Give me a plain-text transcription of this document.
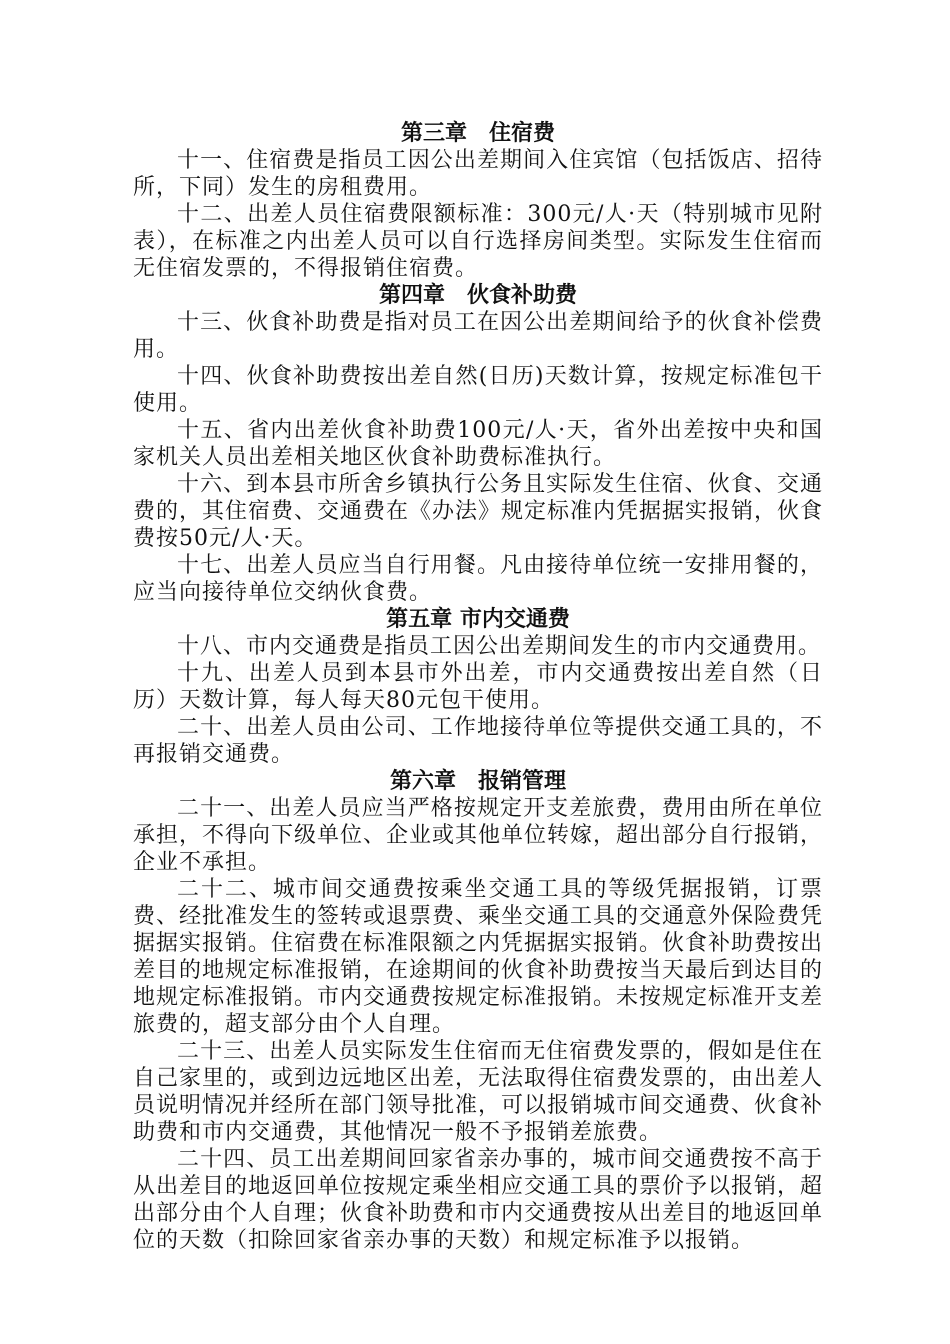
第三章　住宿费
十一、住宿费是指员工因公出差期间入住宾馆（包括饭店、招待所，下同）发生的房租费用。
十二、出差人员住宿费限额标准：300元/人·天（特别城市见附表），在标准之内出差人员可以自行选择房间类型。实际发生住宿而无住宿发票的，不得报销住宿费。
第四章　伙食补助费
十三、伙食补助费是指对员工在因公出差期间给予的伙食补偿费用。
十四、伙食补助费按出差自然(日历)天数计算，按规定标准包干使用。
十五、省内出差伙食补助费100元/人·天，省外出差按中央和国家机关人员出差相关地区伙食补助费标准执行。
十六、到本县市所舍乡镇执行公务且实际发生住宿、伙食、交通费的，其住宿费、交通费在《办法》规定标准内凭据据实报销，伙食费按50元/人·天。
十七、出差人员应当自行用餐。凡由接待单位统一安排用餐的，应当向接待单位交纳伙食费。
第五章 市内交通费
十八、市内交通费是指员工因公出差期间发生的市内交通费用。
十九、出差人员到本县市外出差，市内交通费按出差自然（日历）天数计算，每人每天80元包干使用。
二十、出差人员由公司、工作地接待单位等提供交通工具的，不再报销交通费。
第六章　报销管理
二十一、出差人员应当严格按规定开支差旅费，费用由所在单位承担，不得向下级单位、企业或其他单位转嫁，超出部分自行报销，企业不承担。
二十二、城市间交通费按乘坐交通工具的等级凭据报销，订票费、经批准发生的签转或退票费、乘坐交通工具的交通意外保险费凭据据实报销。住宿费在标准限额之内凭据据实报销。伙食补助费按出差目的地规定标准报销，在途期间的伙食补助费按当天最后到达目的地规定标准报销。市内交通费按规定标准报销。未按规定标准开支差旅费的，超支部分由个人自理。
二十三、出差人员实际发生住宿而无住宿费发票的，假如是住在自己家里的，或到边远地区出差，无法取得住宿费发票的，由出差人员说明情况并经所在部门领导批准，可以报销城市间交通费、伙食补助费和市内交通费，其他情况一般不予报销差旅费。
二十四、员工出差期间回家省亲办事的，城市间交通费按不高于从出差目的地返回单位按规定乘坐相应交通工具的票价予以报销，超出部分由个人自理；伙食补助费和市内交通费按从出差目的地返回单位的天数（扣除回家省亲办事的天数）和规定标准予以报销。
